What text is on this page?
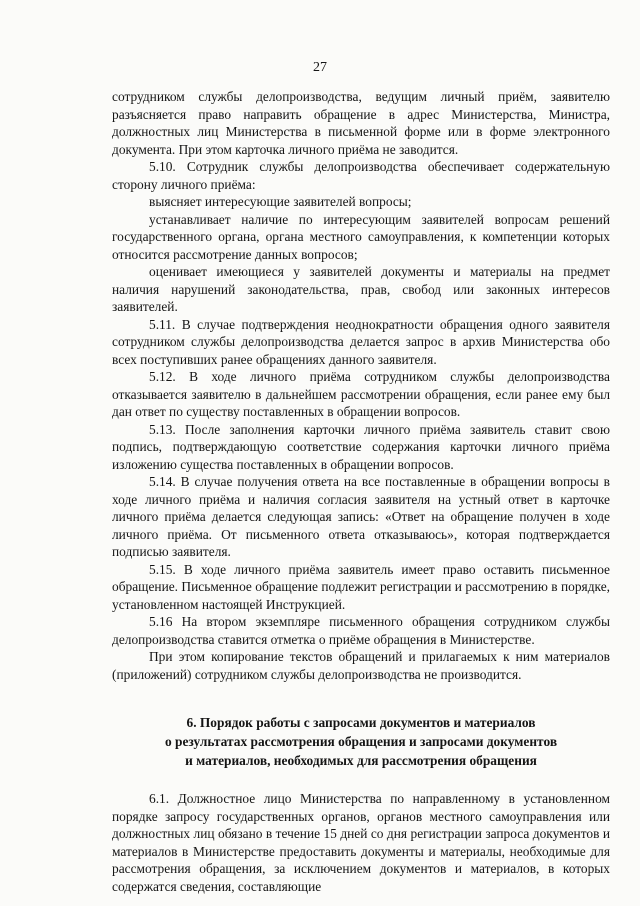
27

сотрудником службы делопроизводства, ведущим личный приём, заявителю разъясняется право направить обращение в адрес Министерства, Министра, должностных лиц Министерства в письменной форме или в форме электронного документа. При этом карточка личного приёма не заводится.

5.10. Сотрудник службы делопроизводства обеспечивает содержательную сторону личного приёма:

выясняет интересующие заявителей вопросы;

устанавливает наличие по интересующим заявителей вопросам решений государственного органа, органа местного самоуправления, к компетенции которых относится рассмотрение данных вопросов;

оценивает имеющиеся у заявителей документы и материалы на предмет наличия нарушений законодательства, прав, свобод или законных интересов заявителей.

5.11. В случае подтверждения неоднократности обращения одного заявителя сотрудником службы делопроизводства делается запрос в архив Министерства обо всех поступивших ранее обращениях данного заявителя.

5.12. В ходе личного приёма сотрудником службы делопроизводства отказывается заявителю в дальнейшем рассмотрении обращения, если ранее ему был дан ответ по существу поставленных в обращении вопросов.

5.13. После заполнения карточки личного приёма заявитель ставит свою подпись, подтверждающую соответствие содержания карточки личного приёма изложению существа поставленных в обращении вопросов.

5.14. В случае получения ответа на все поставленные в обращении вопросы в ходе личного приёма и наличия согласия заявителя на устный ответ в карточке личного приёма делается следующая запись: «Ответ на обращение получен в ходе личного приёма. От письменного ответа отказываюсь», которая подтверждается подписью заявителя.

5.15. В ходе личного приёма заявитель имеет право оставить письменное обращение. Письменное обращение подлежит регистрации и рассмотрению в порядке, установленном настоящей Инструкцией.

5.16 На втором экземпляре письменного обращения сотрудником службы делопроизводства ставится отметка о приёме обращения в Министерстве.

При этом копирование текстов обращений и прилагаемых к ним материалов (приложений) сотрудником службы делопроизводства не производится.

6. Порядок работы с запросами документов и материалов
о результатах рассмотрения обращения и запросами документов
и материалов, необходимых для рассмотрения обращения

6.1. Должностное лицо Министерства по направленному в установленном порядке запросу государственных органов, органов местного самоуправления или должностных лиц обязано в течение 15 дней со дня регистрации запроса документов и материалов в Министерстве предоставить документы и материалы, необходимые для рассмотрения обращения, за исключением документов и материалов, в которых содержатся сведения, составляющие
